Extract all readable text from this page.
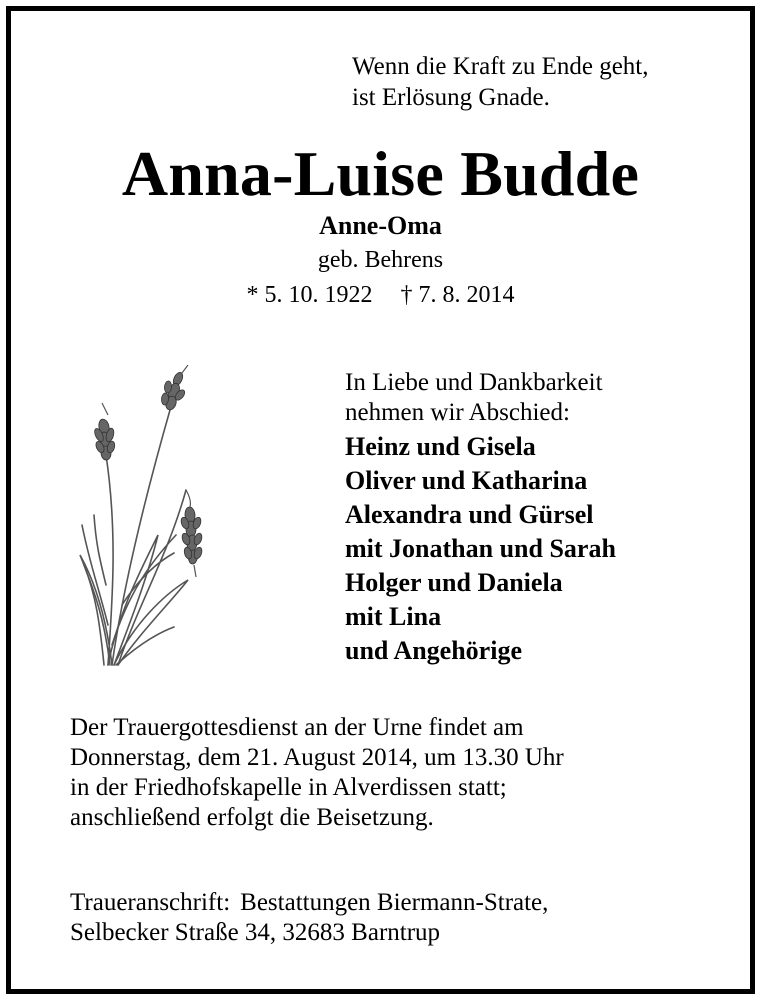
Wenn die Kraft zu Ende geht,
ist Erlösung Gnade.
Anna-Luise Budde
Anne-Oma
geb. Behrens
* 5. 10. 1922 † 7. 8. 2014
In Liebe und Dankbarkeit
nehmen wir Abschied:
Heinz und Gisela
Oliver und Katharina
Alexandra und Gürsel
mit Jonathan und Sarah
Holger und Daniela
mit Lina
und Angehörige
Der Trauergottesdienst an der Urne findet am
Donnerstag, dem 21. August 2014, um 13.30 Uhr
in der Friedhofskapelle in Alverdissen statt;
anschließend erfolgt die Beisetzung.
Traueranschrift: Bestattungen Biermann-Strate,
Selbecker Straße 34, 32683 Barntrup
